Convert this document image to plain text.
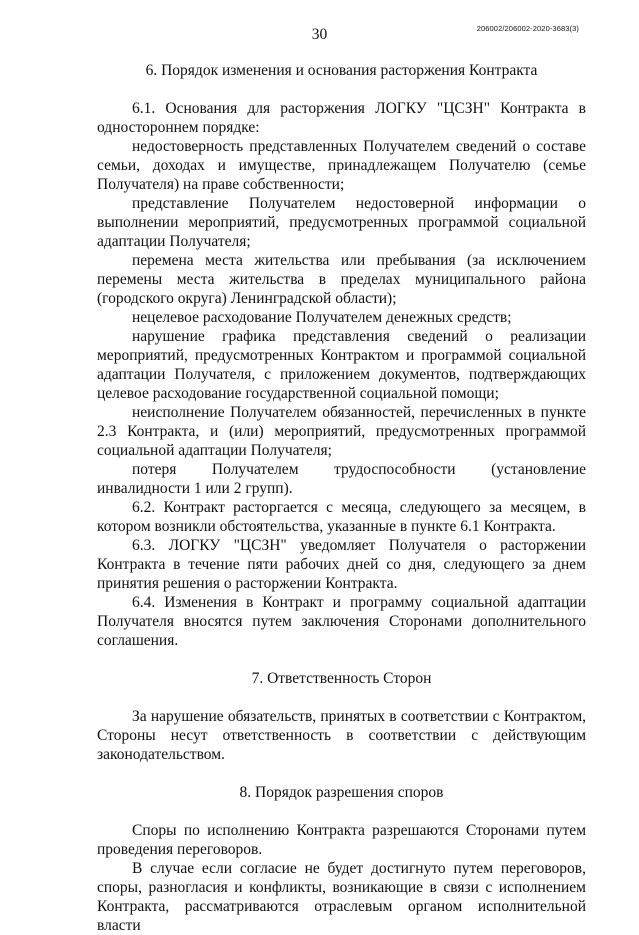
30	206002/206002-2020-3683(3)
6. Порядок изменения и основания расторжения Контракта

6.1. Основания для расторжения ЛОГКУ "ЦСЗН" Контракта в одностороннем порядке:

недостоверность представленных Получателем сведений о составе семьи, доходах и имуществе, принадлежащем Получателю (семье Получателя) на праве собственности;

представление Получателем недостоверной информации о выполнении мероприятий, предусмотренных программой социальной адаптации Получателя;

перемена места жительства или пребывания (за исключением перемены места жительства в пределах муниципального района (городского округа) Ленинградской области);

нецелевое расходование Получателем денежных средств;

нарушение графика представления сведений о реализации мероприятий, предусмотренных Контрактом и программой социальной адаптации Получателя, с приложением документов, подтверждающих целевое расходование государственной социальной помощи;

неисполнение Получателем обязанностей, перечисленных в пункте 2.3 Контракта, и (или) мероприятий, предусмотренных программой социальной адаптации Получателя;

потеря Получателем трудоспособности (установление инвалидности 1 или 2 групп).

6.2. Контракт расторгается с месяца, следующего за месяцем, в котором возникли обстоятельства, указанные в пункте 6.1 Контракта.

6.3. ЛОГКУ "ЦСЗН" уведомляет Получателя о расторжении Контракта в течение пяти рабочих дней со дня, следующего за днем принятия решения о расторжении Контракта.

6.4. Изменения в Контракт и программу социальной адаптации Получателя вносятся путем заключения Сторонами дополнительного соглашения.

7. Ответственность Сторон

За нарушение обязательств, принятых в соответствии с Контрактом, Стороны несут ответственность в соответствии с действующим законодательством.

8. Порядок разрешения споров

Споры по исполнению Контракта разрешаются Сторонами путем проведения переговоров.

В случае если согласие не будет достигнуто путем переговоров, споры, разногласия и конфликты, возникающие в связи с исполнением Контракта, рассматриваются отраслевым органом исполнительной власти
